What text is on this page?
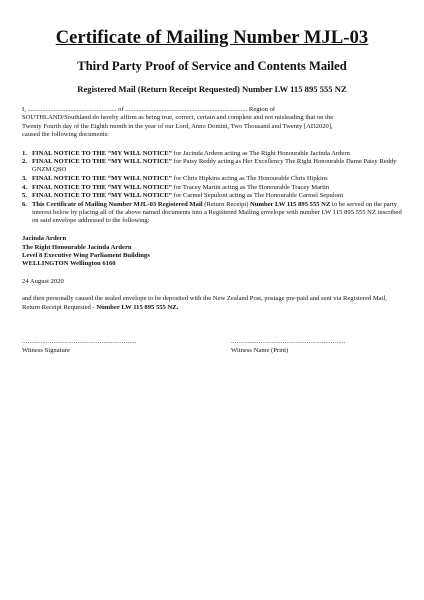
Certificate of Mailing Number MJL-03
Third Party Proof of Service and Contents Mailed
Registered Mail (Return Receipt Requested) Number LW 115 895 555 NZ
I, ...................................................... of .......................................................................... Region of
SOUTHLAND/Southland do hereby affirm as being true, correct, certain and complete and not misleading that on the
Twenty Fourth day of the Eighth month in the year of our Lord, Anno Domini, Two Thousand and Twenty [AD2020],
caused the following documents:
1. FINAL NOTICE TO THE “MY WILL NOTICE” for Jacinda Ardern acting as The Right Honourable Jacinda Ardern
2. FINAL NOTICE TO THE “MY WILL NOTICE” for Patsy Reddy acting as Her Excellency The Right Honourable Dame Patsy Reddy GNZM QSO
3. FINAL NOTICE TO THE “MY WILL NOTICE” for Chris Hipkins acting as The Honourable Chris Hipkins
4. FINAL NOTICE TO THE “MY WILL NOTICE” for Tracey Martin acting as The Honourable Tracey Martin
5. FINAL NOTICE TO THE “MY WILL NOTICE” for Carmel Sepuloni acting as The Honourable Carmel Sepuloni
6. This Certificate of Mailing Number MJL-03 Registered Mail (Return Receipt) Number LW 115 895 555 NZ to be served on the party interest below by placing all of the above named documents into a Registered Mailing envelope with number LW 115 895 555 NZ inscribed on said envelope addressed to the following:
Jacinda Ardern
The Right Honourable Jacinda Ardern
Level 8 Executive Wing Parliament Buildings
WELLINGTON Wellington 6160
24 August 2020
and then personally caused the sealed envelope to be deposited with the New Zealand Post, postage pre-paid and sent via Registered Mail, Return Receipt Requested - Number LW 115 895 555 NZ.
..............................................................
Witness Signature
..............................................................
Witness Name (Print)
